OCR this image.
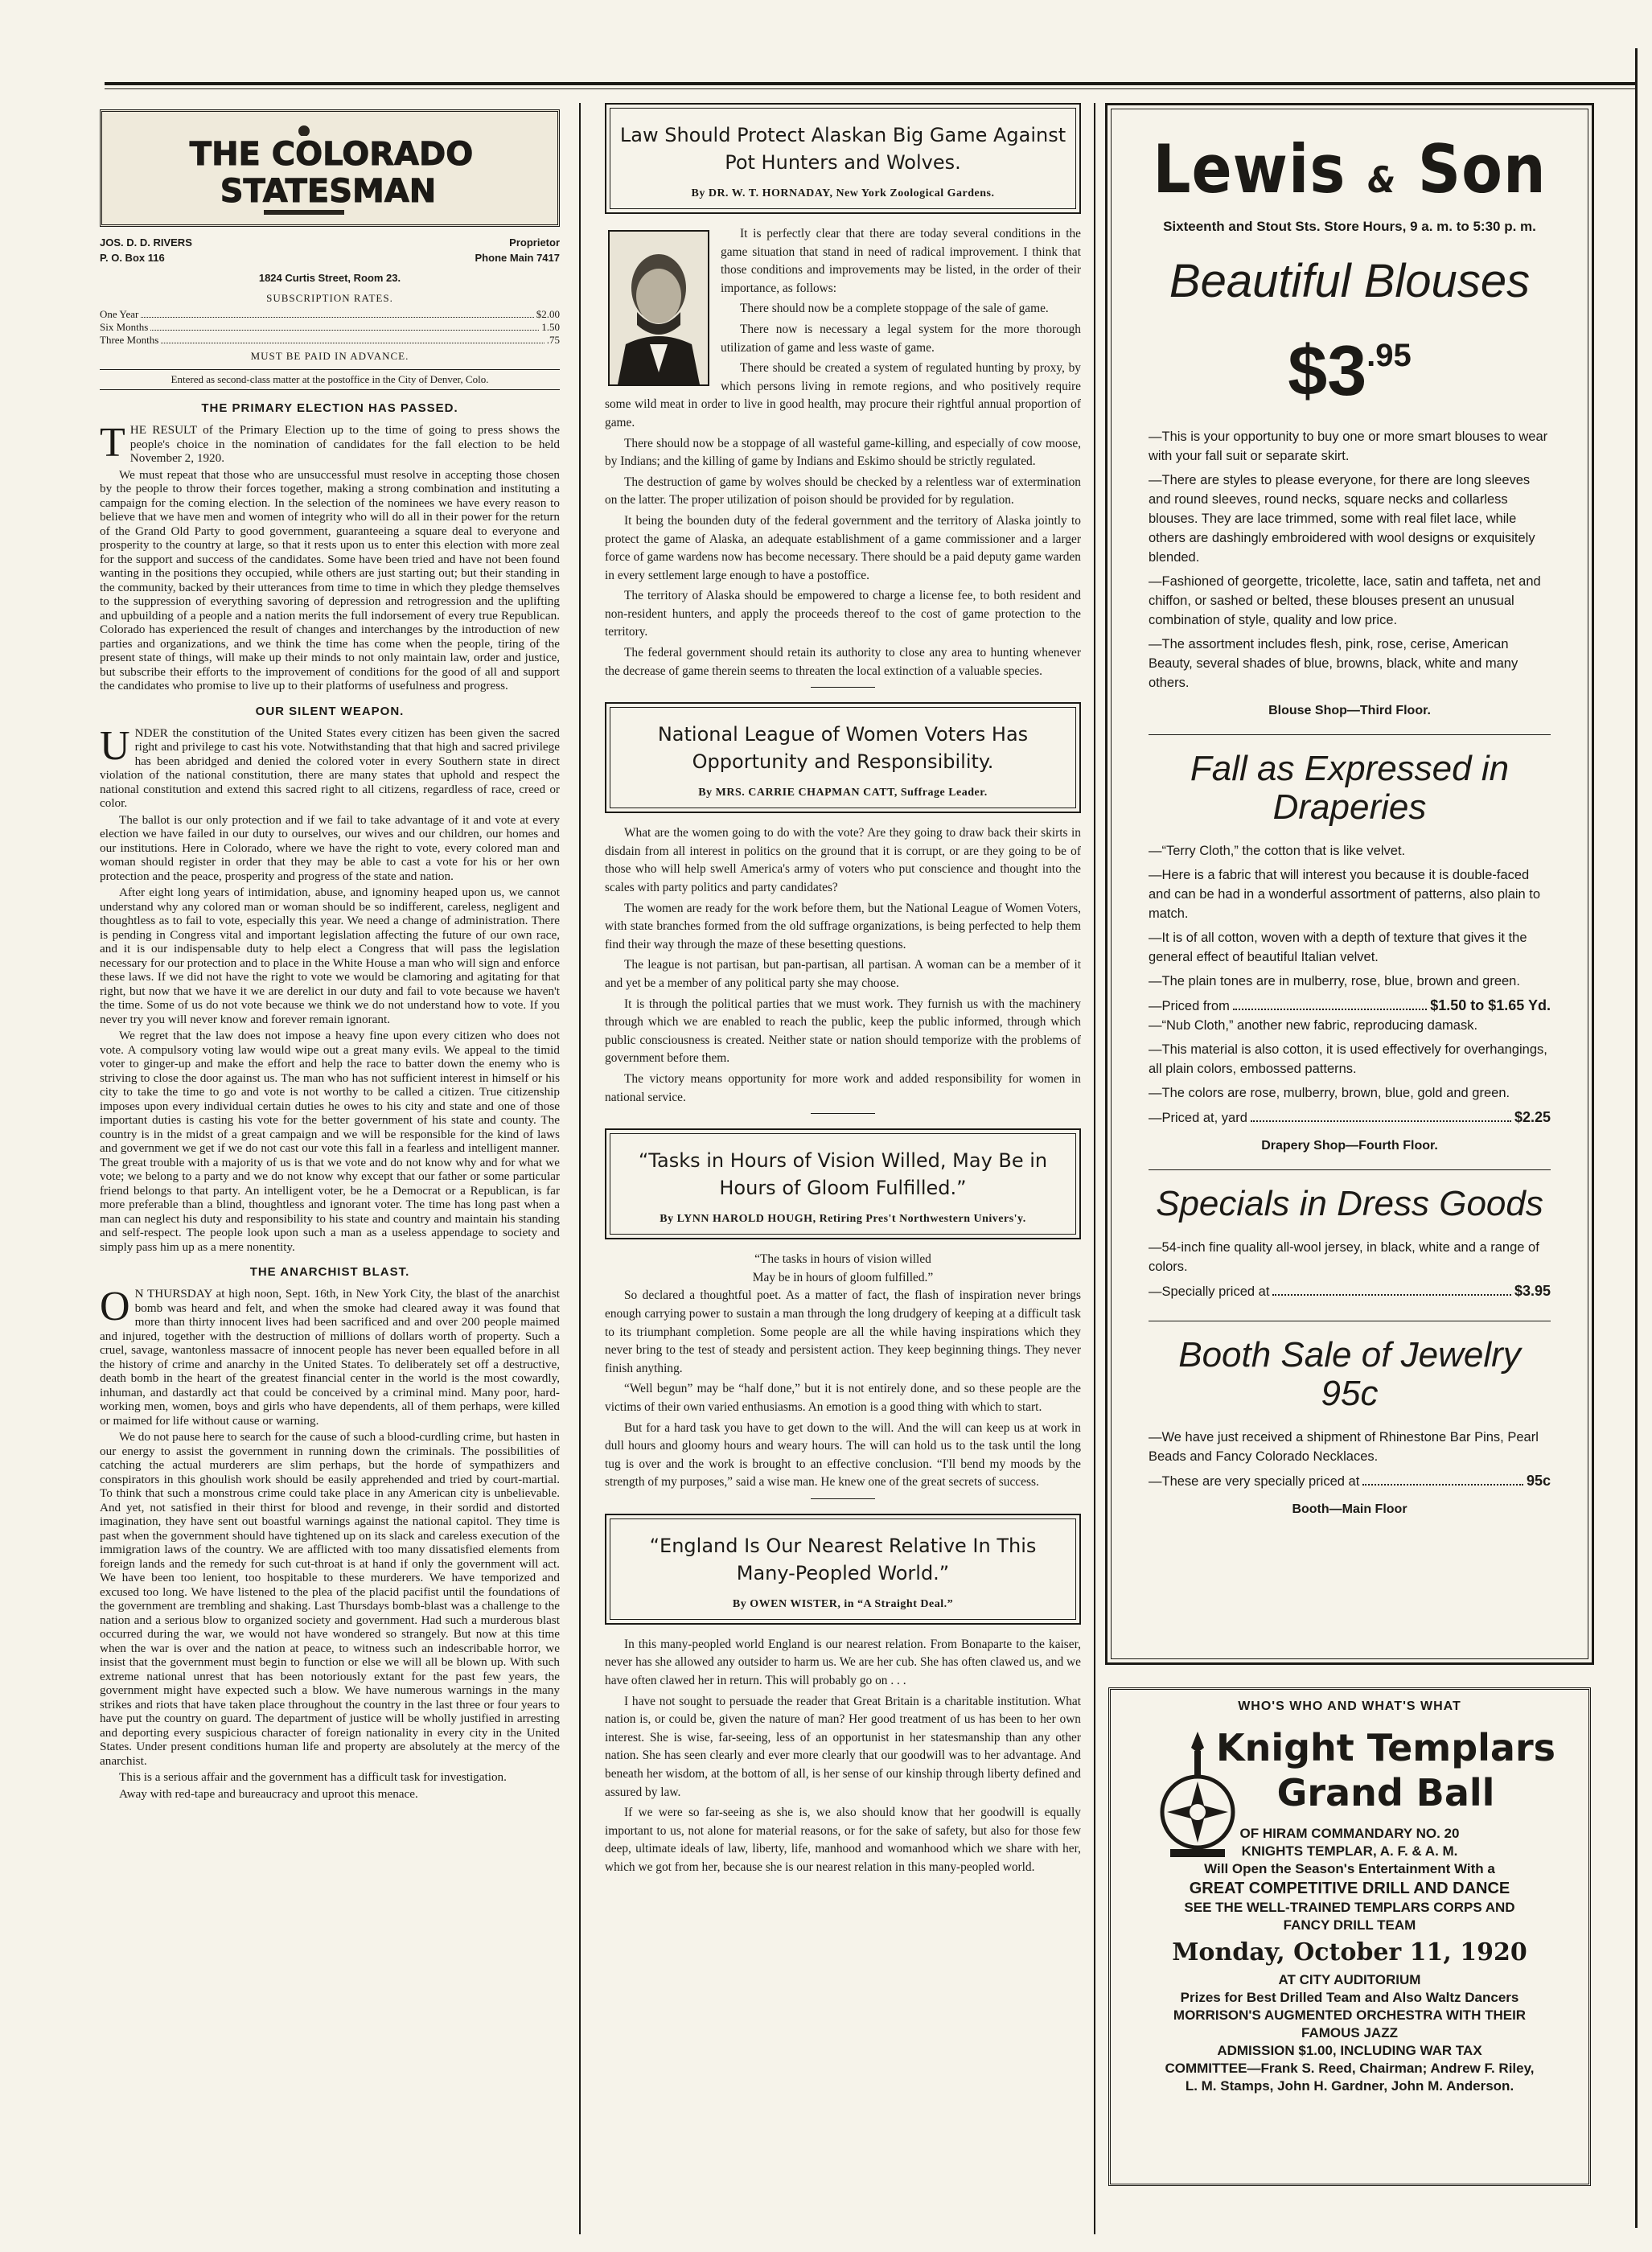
THE COLORADO STATESMAN
JOS. D. D. RIVERS	Proprietor
P. O. Box 116	Phone Main 7417
1824 Curtis Street, Room 23.
SUBSCRIPTION RATES.
One Year	$2.00
Six Months	1.50
Three Months	.75
MUST BE PAID IN ADVANCE.
Entered as second-class matter at the postoffice in the City of Denver, Colo.
THE PRIMARY ELECTION HAS PASSED.

THE RESULT of the Primary Election up to the time of going to press shows the people's choice in the nomination of candidates for the fall election to be held November 2, 1920.

We must repeat that those who are unsuccessful must resolve in accepting those chosen by the people to throw their forces together, making a strong combination and instituting a campaign for the coming election. In the selection of the nominees we have every reason to believe that we have men and women of integrity who will do all in their power for the return of the Grand Old Party to good government, guaranteeing a square deal to everyone and prosperity to the country at large, so that it rests upon us to enter this election with more zeal for the support and success of the candidates. Some have been tried and have not been found wanting in the positions they occupied, while others are just starting out; but their standing in the community, backed by their utterances from time to time in which they pledge themselves to the suppression of everything savoring of depression and retrogression and the uplifting and upbuilding of a people and a nation merits the full indorsement of every true Republican. Colorado has experienced the result of changes and interchanges by the introduction of new parties and organizations, and we think the time has come when the people, tiring of the present state of things, will make up their minds to not only maintain law, order and justice, but subscribe their efforts to the improvement of conditions for the good of all and support the candidates who promise to live up to their platforms of usefulness and progress.

OUR SILENT WEAPON.

UNDER the constitution of the United States every citizen has been given the sacred right and privilege to cast his vote. Notwithstanding that that high and sacred privilege has been abridged and denied the colored voter in every Southern state in direct violation of the national constitution, there are many states that uphold and respect the national constitution and extend this sacred right to all citizens, regardless of race, creed or color.

The ballot is our only protection and if we fail to take advantage of it and vote at every election we have failed in our duty to ourselves, our wives and our children, our homes and our institutions. Here in Colorado, where we have the right to vote, every colored man and woman should register in order that they may be able to cast a vote for his or her own protection and the peace, prosperity and progress of the state and nation.

After eight long years of intimidation, abuse, and ignominy heaped upon us, we cannot understand why any colored man or woman should be so indifferent, careless, negligent and thoughtless as to fail to vote, especially this year. We need a change of administration. There is pending in Congress vital and important legislation affecting the future of our own race, and it is our indispensable duty to help elect a Congress that will pass the legislation necessary for our protection and to place in the White House a man who will sign and enforce these laws. If we did not have the right to vote we would be clamoring and agitating for that right, but now that we have it we are derelict in our duty and fail to vote because we haven't the time. Some of us do not vote because we think we do not understand how to vote. If you never try you will never know and forever remain ignorant.

We regret that the law does not impose a heavy fine upon every citizen who does not vote. A compulsory voting law would wipe out a great many evils. We appeal to the timid voter to ginger-up and make the effort and help the race to batter down the enemy who is striving to close the door against us. The man who has not sufficient interest in himself or his city to take the time to go and vote is not worthy to be called a citizen. True citizenship imposes upon every individual certain duties he owes to his city and state and one of those important duties is casting his vote for the better government of his state and county. The country is in the midst of a great campaign and we will be responsible for the kind of laws and government we get if we do not cast our vote this fall in a fearless and intelligent manner. The great trouble with a majority of us is that we vote and do not know why and for what we vote; we belong to a party and we do not know why except that our father or some particular friend belongs to that party. An intelligent voter, be he a Democrat or a Republican, is far more preferable than a blind, thoughtless and ignorant voter. The time has long past when a man can neglect his duty and responsibility to his state and country and maintain his standing and self-respect. The people look upon such a man as a useless appendage to society and simply pass him up as a mere nonentity.

THE ANARCHIST BLAST.

O N THURSDAY at high noon, Sept. 16th, in New York City, the blast of the anarchist bomb was heard and felt, and when the smoke had cleared away it was found that more than thirty innocent lives had been sacrificed and and over 200 people maimed and injured, together with the destruction of millions of dollars worth of property. Such a cruel, savage, wantonless massacre of innocent people has never been equalled before in all the history of crime and anarchy in the United States. To deliberately set off a destructive, death bomb in the heart of the greatest financial center in the world is the most cowardly, inhuman, and dastardly act that could be conceived by a criminal mind. Many poor, hard-working men, women, boys and girls who have dependents, all of them perhaps, were killed or maimed for life without cause or warning.

We do not pause here to search for the cause of such a blood-curdling crime, but hasten in our energy to assist the government in running down the criminals. The possibilities of catching the actual murderers are slim perhaps, but the horde of sympathizers and conspirators in this ghoulish work should be easily apprehended and tried by court-martial. To think that such a monstrous crime could take place in any American city is unbelievable. And yet, not satisfied in their thirst for blood and revenge, in their sordid and distorted imagination, they have sent out boastful warnings against the national capitol. They time is past when the government should have tightened up on its slack and careless execution of the immigration laws of the country. We are afflicted with too many dissatisfied elements from foreign lands and the remedy for such cut-throat is at hand if only the government will act. We have been too lenient, too hospitable to these murderers. We have temporized and excused too long. We have listened to the plea of the placid pacifist until the foundations of the government are trembling and shaking. Last Thursdays bomb-blast was a challenge to the nation and a serious blow to organized society and government. Had such a murderous blast occurred during the war, we would not have wondered so strangely. But now at this time when the war is over and the nation at peace, to witness such an indescribable horror, we insist that the government must begin to function or else we will all be blown up. With such extreme national unrest that has been notoriously extant for the past few years, the government might have expected such a blow. We have numerous warnings in the many strikes and riots that have taken place throughout the country in the last three or four years to have put the country on guard. The department of justice will be wholly justified in arresting and deporting every suspicious character of foreign nationality in every city in the United States. Under present conditions human life and property are absolutely at the mercy of the anarchist.

This is a serious affair and the government has a difficult task for investigation.

Away with red-tape and bureaucracy and uproot this menace.

Law Should Protect Alaskan Big Game Against Pot Hunters and Wolves.
By DR. W. T. HORNADAY, New York Zoological Gardens.

It is perfectly clear that there are today several conditions in the game situation that stand in need of radical improvement. I think that those conditions and improvements may be listed, in the order of their importance, as follows:

There should now be a complete stoppage of the sale of game.

There now is necessary a legal system for the more thorough utilization of game and less waste of game.

There should be created a system of regulated hunting by proxy, by which persons living in remote regions, and who positively require some wild meat in order to live in good health, may procure their rightful annual proportion of game.

There should now be a stoppage of all wasteful game-killing, and especially of cow moose, by Indians; and the killing of game by Indians and Eskimo should be strictly regulated.

The destruction of game by wolves should be checked by a relentless war of extermination on the latter. The proper utilization of poison should be provided for by regulation.

It being the bounden duty of the federal government and the territory of Alaska jointly to protect the game of Alaska, an adequate establishment of a game commissioner and a larger force of game wardens now has become necessary. There should be a paid deputy game warden in every settlement large enough to have a postoffice.

The territory of Alaska should be empowered to charge a license fee, to both resident and non-resident hunters, and apply the proceeds thereof to the cost of game protection to the territory.

The federal government should retain its authority to close any area to hunting whenever the decrease of game therein seems to threaten the local extinction of a valuable species.

National League of Women Voters Has Opportunity and Responsibility.
By MRS. CARRIE CHAPMAN CATT, Suffrage Leader.

What are the women going to do with the vote? Are they going to draw back their skirts in disdain from all interest in politics on the ground that it is corrupt, or are they going to be of those who will help swell America's army of voters who put conscience and thought into the scales with party politics and party candidates?

The women are ready for the work before them, but the National League of Women Voters, with state branches formed from the old suffrage organizations, is being perfected to help them find their way through the maze of these besetting questions.

The league is not partisan, but pan-partisan, all partisan. A woman can be a member of it and yet be a member of any political party she may choose.

It is through the political parties that we must work. They furnish us with the machinery through which we are enabled to reach the public, keep the public informed, through which public consciousness is created. Neither state or nation should temporize with the problems of government before them.

The victory means opportunity for more work and added responsibility for women in national service.

“Tasks in Hours of Vision Willed, May Be in Hours of Gloom Fulfilled.”
By LYNN HAROLD HOUGH, Retiring Pres't Northwestern Univers'y.
“The tasks in hours of vision willed
May be in hours of gloom fulfilled.”

So declared a thoughtful poet. As a matter of fact, the flash of inspiration never brings enough carrying power to sustain a man through the long drudgery of keeping at a difficult task to its triumphant completion. Some people are all the while having inspirations which they never bring to the test of steady and persistent action. They keep beginning things. They never finish anything.

“Well begun” may be “half done,” but it is not entirely done, and so these people are the victims of their own varied enthusiasms. An emotion is a good thing with which to start.

But for a hard task you have to get down to the will. And the will can keep us at work in dull hours and gloomy hours and weary hours. The will can hold us to the task until the long tug is over and the work is brought to an effective conclusion. “I'll bend my moods by the strength of my purposes,” said a wise man. He knew one of the great secrets of success.

“England Is Our Nearest Relative In This Many-Peopled World.”
By OWEN WISTER, in “A Straight Deal.”

In this many-peopled world England is our nearest relation. From Bonaparte to the kaiser, never has she allowed any outsider to harm us. We are her cub. She has often clawed us, and we have often clawed her in return. This will probably go on . . .

I have not sought to persuade the reader that Great Britain is a charitable institution. What nation is, or could be, given the nature of man? Her good treatment of us has been to her own interest. She is wise, far-seeing, less of an opportunist in her statesmanship than any other nation. She has seen clearly and ever more clearly that our goodwill was to her advantage. And beneath her wisdom, at the bottom of all, is her sense of our kinship through liberty defined and assured by law.

If we were so far-seeing as she is, we also should know that her goodwill is equally important to us, not alone for material reasons, or for the sake of safety, but also for those few deep, ultimate ideals of law, liberty, life, manhood and womanhood which we share with her, which we got from her, because she is our nearest relation in this many-peopled world.

Lewis & Son
Sixteenth and Stout Sts. Store Hours, 9 a. m. to 5:30 p. m.
Beautiful Blouses
$\$3^{.95}$

—This is your opportunity to buy one or more smart blouses to wear with your fall suit or separate skirt.

—There are styles to please everyone, for there are long sleeves and round sleeves, round necks, square necks and collarless blouses. They are lace trimmed, some with real filet lace, while others are dashingly embroidered with wool designs or exquisitely blended.

—Fashioned of georgette, tricolette, lace, satin and taffeta, net and chiffon, or sashed or belted, these blouses present an unusual combination of style, quality and low price.

—The assortment includes flesh, pink, rose, cerise, American Beauty, several shades of blue, browns, black, white and many others.

Blouse Shop—Third Floor.
Fall as Expressed in Draperies

—“Terry Cloth,” the cotton that is like velvet.

—Here is a fabric that will interest you because it is double-faced and can be had in a wonderful assortment of patterns, also plain to match.

—It is of all cotton, woven with a depth of texture that gives it the general effect of beautiful Italian velvet.

—The plain tones are in mulberry, rose, blue, brown and green.

—Priced from	$1.50 to $1.65 Yd.

—“Nub Cloth,” another new fabric, reproducing damask.

—This material is also cotton, it is used effectively for overhangings, all plain colors, embossed patterns.

—The colors are rose, mulberry, brown, blue, gold and green.

—Priced at, yard	$2.25
Drapery Shop—Fourth Floor.
Specials in Dress Goods

—54-inch fine quality all-wool jersey, in black, white and a range of colors.

—Specially priced at	$3.95
Booth Sale of Jewelry 95c

—We have just received a shipment of Rhinestone Bar Pins, Pearl Beads and Fancy Colorado Necklaces.

—These are very specially priced at	95c
Booth—Main Floor
WHO'S WHO AND WHAT'S WHAT
Knight Templars
Grand Ball
OF HIRAM COMMANDARY NO. 20
KNIGHTS TEMPLAR, A. F. & A. M.
Will Open the Season's Entertainment With a
GREAT COMPETITIVE DRILL AND DANCE
SEE THE WELL-TRAINED TEMPLARS CORPS AND
FANCY DRILL TEAM
Monday, October 11, 1920
AT CITY AUDITORIUM
Prizes for Best Drilled Team and Also Waltz Dancers
MORRISON'S AUGMENTED ORCHESTRA WITH THEIR
FAMOUS JAZZ
ADMISSION $1.00, INCLUDING WAR TAX
COMMITTEE—Frank S. Reed, Chairman; Andrew F. Riley,
L. M. Stamps, John H. Gardner, John M. Anderson.
